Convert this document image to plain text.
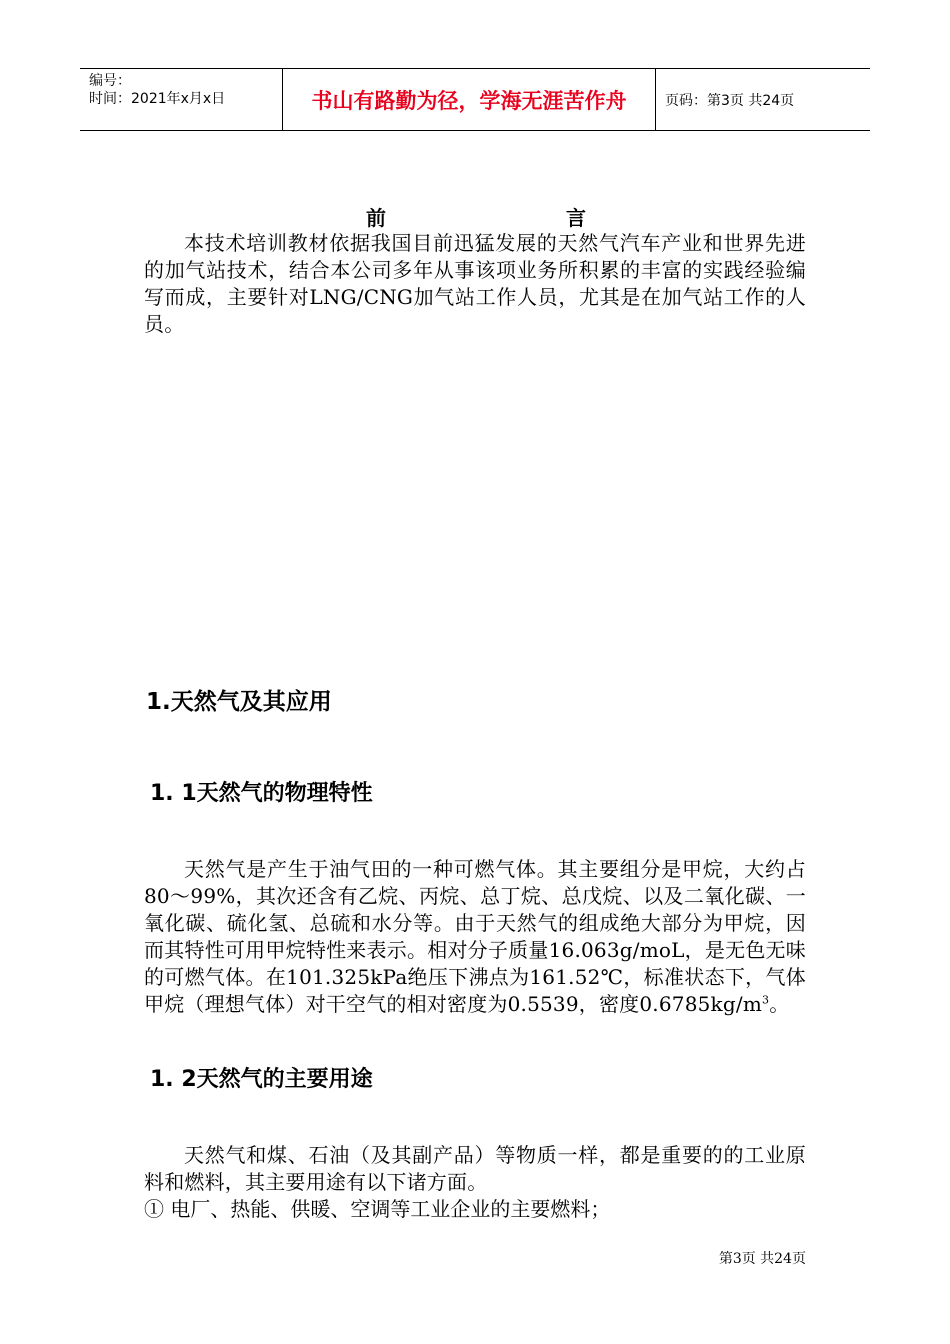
编号：
时间：2021年x月x日	书山有路勤为径，学海无涯苦作舟	页码：第3页 共24页
前	言

本技术培训教材依据我国目前迅猛发展的天然气汽车产业和世界先进的加气站技术，结合本公司多年从事该项业务所积累的丰富的实践经验编写而成，主要针对LNG/CNG加气站工作人员，尤其是在加气站工作的人员。

1.天然气及其应用
1. 1天然气的物理特性

天然气是产生于油气田的一种可燃气体。其主要组分是甲烷，大约占80～99%，其次还含有乙烷、丙烷、总丁烷、总戊烷、以及二氧化碳、一氧化碳、硫化氢、总硫和水分等。由于天然气的组成绝大部分为甲烷，因而其特性可用甲烷特性来表示。相对分子质量16.063g/moL，是无色无味的可燃气体。在101.325kPa绝压下沸点为161.52℃，标准状态下，气体甲烷（理想气体）对干空气的相对密度为0.5539，密度$0.6785kg/m^3$。

1. 2天然气的主要用途

天然气和煤、石油（及其副产品）等物质一样，都是重要的的工业原料和燃料，其主要用途有以下诸方面。

① 电厂、热能、供暖、空调等工业企业的主要燃料；

第3页 共24页
